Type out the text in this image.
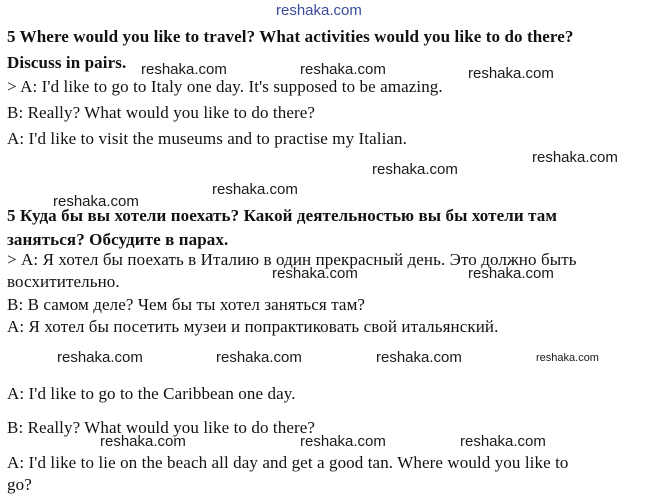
reshaka.com
5 Where would you like to travel? What activities would you like to do there?
Discuss in pairs.
> A: I'd like to go to Italy one day. It's supposed to be amazing.
B: Really? What would you like to do there?
A: I'd like to visit the museums and to practise my Italian.
5 Куда бы вы хотели поехать? Какой деятельностью вы бы хотели там
заняться? Обсудите в парах.
> А: Я хотел бы поехать в Италию в один прекрасный день. Это должно быть
восхитительно.
B: В самом деле? Чем бы ты хотел заняться там?
А: Я хотел бы посетить музеи и попрактиковать свой итальянский.
A: I'd like to go to the Caribbean one day.
B: Really? What would you like to do there?
A: I'd like to lie on the beach all day and get a good tan. Where would you like to
go?
reshaka.com	reshaka.com	reshaka.com
reshaka.com
reshaka.com
reshaka.com
reshaka.com
reshaka.com	reshaka.com
reshaka.com	reshaka.com	reshaka.com	reshaka.com
reshaka.com	reshaka.com	reshaka.com
